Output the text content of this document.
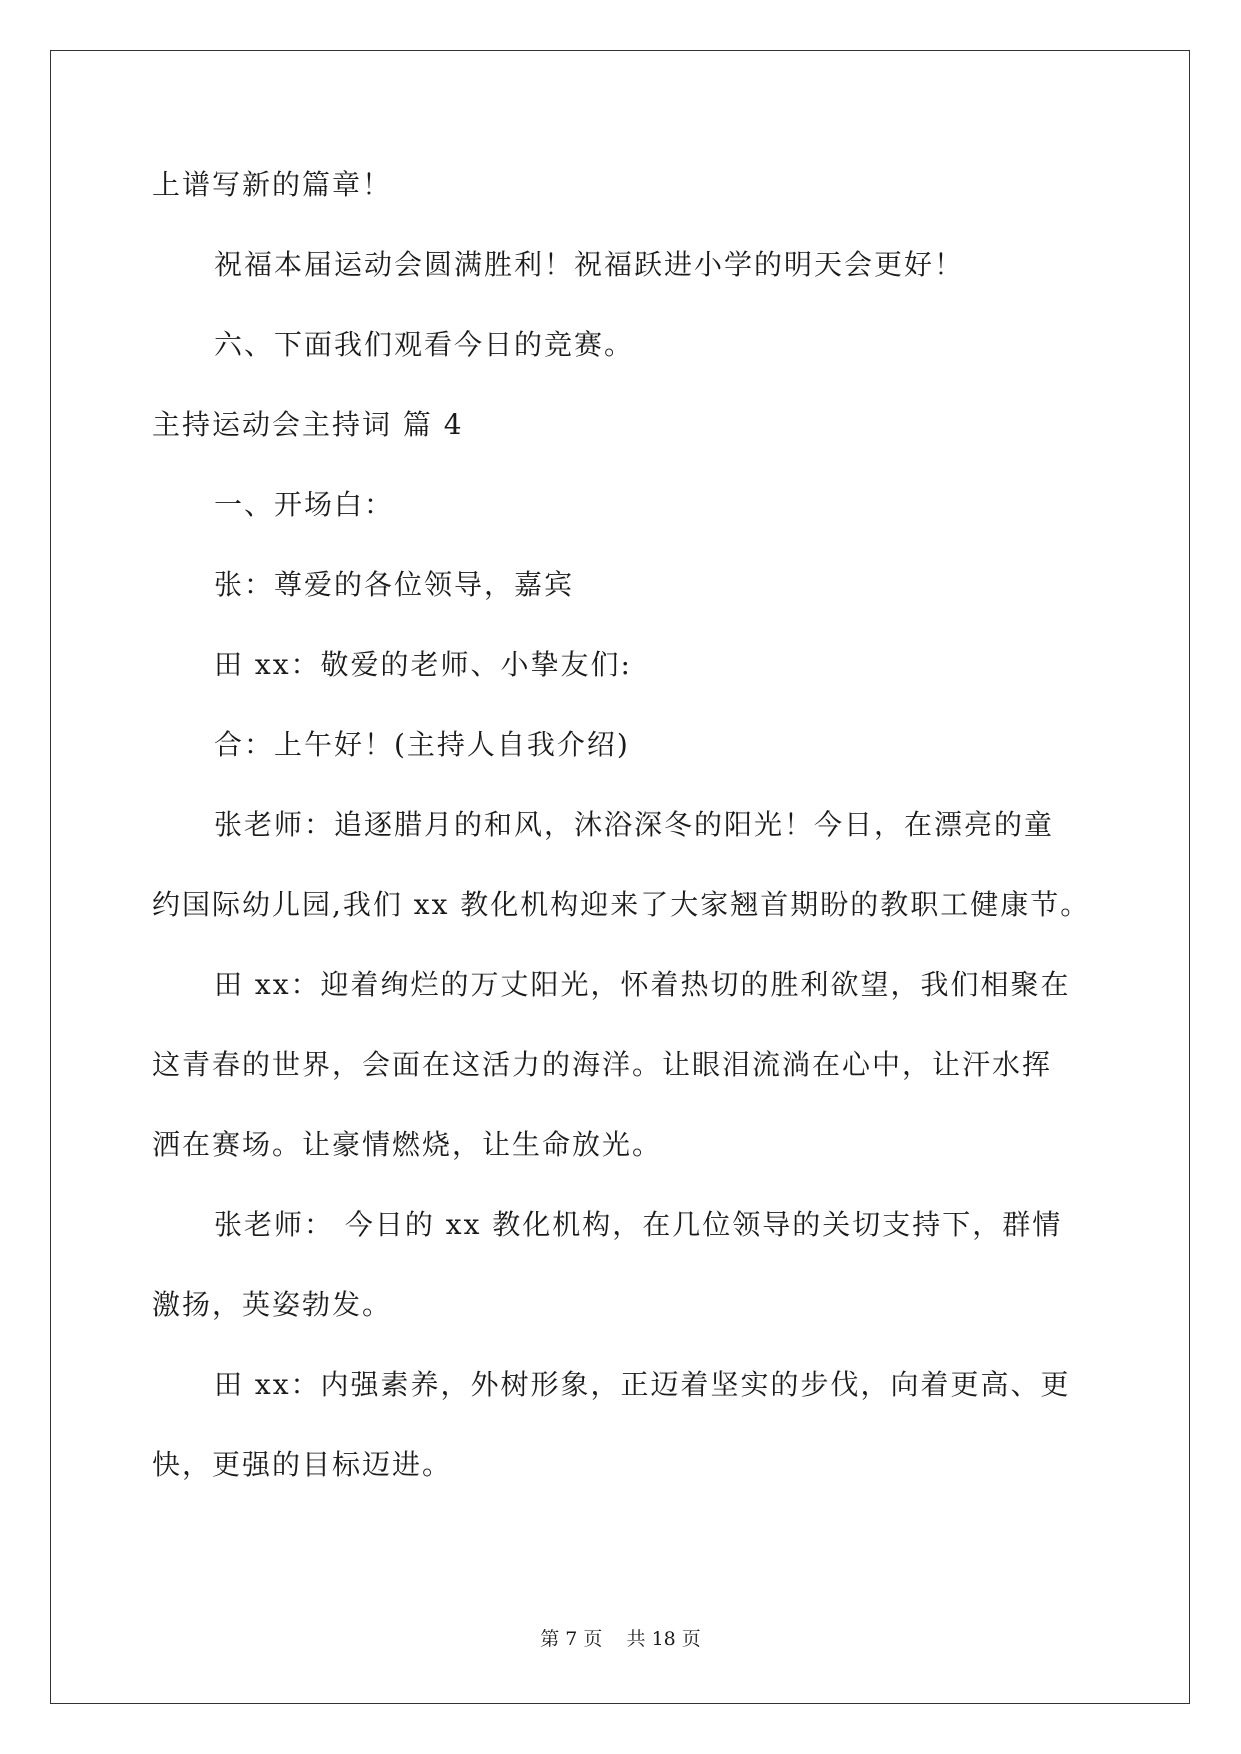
上谱写新的篇章！
祝福本届运动会圆满胜利！祝福跃进小学的明天会更好！
六、下面我们观看今日的竞赛。
主持运动会主持词 篇 4
一、开场白：
张：尊爱的各位领导，嘉宾
田 xx：敬爱的老师、小挚友们:
合：上午好！(主持人自我介绍)
张老师：追逐腊月的和风，沐浴深冬的阳光！今日，在漂亮的童
约国际幼儿园,我们 xx 教化机构迎来了大家翘首期盼的教职工健康节。
田 xx：迎着绚烂的万丈阳光，怀着热切的胜利欲望，我们相聚在
这青春的世界，会面在这活力的海洋。让眼泪流淌在心中，让汗水挥
洒在赛场。让豪情燃烧，让生命放光。
张老师： 今日的 xx 教化机构，在几位领导的关切支持下，群情
激扬，英姿勃发。
田 xx：内强素养，外树形象，正迈着坚实的步伐，向着更高、更
快，更强的目标迈进。
第 7 页    共 18 页
